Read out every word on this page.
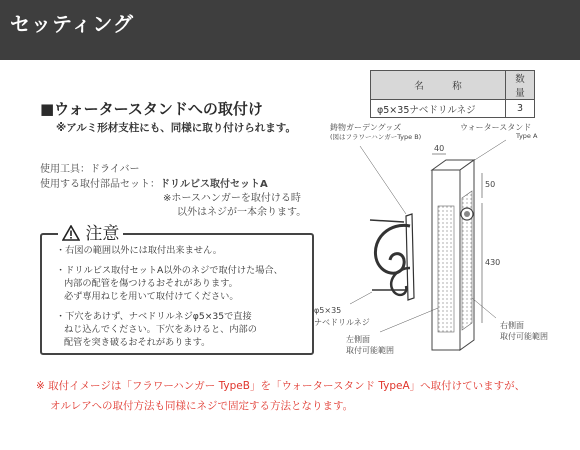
セッティング
■ウォータースタンドへの取付け
※アルミ形材支柱にも、同様に取り付けられます。
使用工具：ドライバー
使用する取付部品セット：ドリルビス取付セットA
※ホースハンガーを取付ける時
以外はネジが一本余ります。
名　　　称	数量
φ5×35ナベドリルネジ	3
注意
・右図の範囲以外には取付出来ません。
・ドリルビス取付セットA以外のネジで取付けた場合、
内部の配管を傷つけるおそれがあります。
必ず専用ねじを用いて取付けてください。
・下穴をあけず、ナベドリルネジφ5×35で直接
ねじ込んでください。下穴をあけると、内部の
配管を突き破るおそれがあります。
鋳物ガーデングッズ
(図はフラワーハンガーType B)
ウォータースタンド
Type A
40
50
430
φ5×35
ナベドリルネジ
左側面
取付可能範囲
右側面
取付可能範囲
※ 取付イメージは「フラワーハンガー TypeB」を「ウォータースタンド TypeA」へ取付けていますが、
オルレアへの取付方法も同様にネジで固定する方法となります。
